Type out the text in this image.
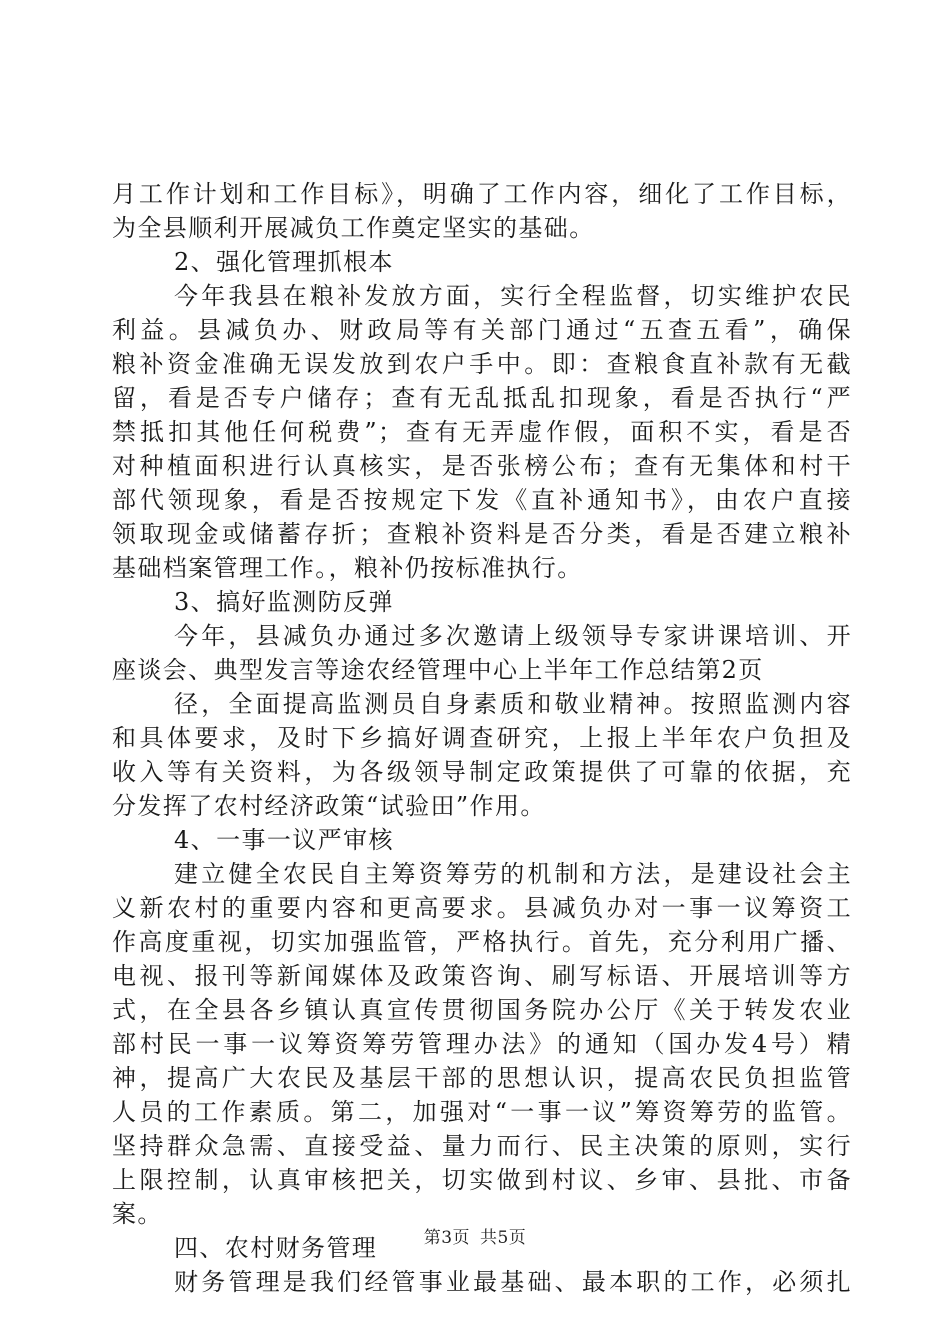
月工作计划和工作目标》，明确了工作内容，细化了工作目标，
为全县顺利开展减负工作奠定坚实的基础。
2、强化管理抓根本
今年我县在粮补发放方面，实行全程监督，切实维护农民
利益。县减负办、财政局等有关部门通过“五查五看”，确保
粮补资金准确无误发放到农户手中。即：查粮食直补款有无截
留，看是否专户储存；查有无乱抵乱扣现象，看是否执行“严
禁抵扣其他任何税费”；查有无弄虚作假，面积不实，看是否
对种植面积进行认真核实，是否张榜公布；查有无集体和村干
部代领现象，看是否按规定下发《直补通知书》，由农户直接
领取现金或储蓄存折；查粮补资料是否分类，看是否建立粮补
基础档案管理工作。，粮补仍按标准执行。
3、搞好监测防反弹
今年，县减负办通过多次邀请上级领导专家讲课培训、开
座谈会、典型发言等途农经管理中心上半年工作总结第2页
径，全面提高监测员自身素质和敬业精神。按照监测内容
和具体要求，及时下乡搞好调查研究，上报上半年农户负担及
收入等有关资料，为各级领导制定政策提供了可靠的依据，充
分发挥了农村经济政策“试验田”作用。
4、一事一议严审核
建立健全农民自主筹资筹劳的机制和方法，是建设社会主
义新农村的重要内容和更高要求。县减负办对一事一议筹资工
作高度重视，切实加强监管，严格执行。首先，充分利用广播、
电视、报刊等新闻媒体及政策咨询、刷写标语、开展培训等方
式，在全县各乡镇认真宣传贯彻国务院办公厅《关于转发农业
部村民一事一议筹资筹劳管理办法》的通知（国办发4号）精
神，提高广大农民及基层干部的思想认识，提高农民负担监管
人员的工作素质。第二，加强对“一事一议”筹资筹劳的监管。
坚持群众急需、直接受益、量力而行、民主决策的原则，实行
上限控制，认真审核把关，切实做到村议、乡审、县批、市备
案。
四、农村财务管理
财务管理是我们经管事业最基础、最本职的工作，必须扎
第3页 共5页
